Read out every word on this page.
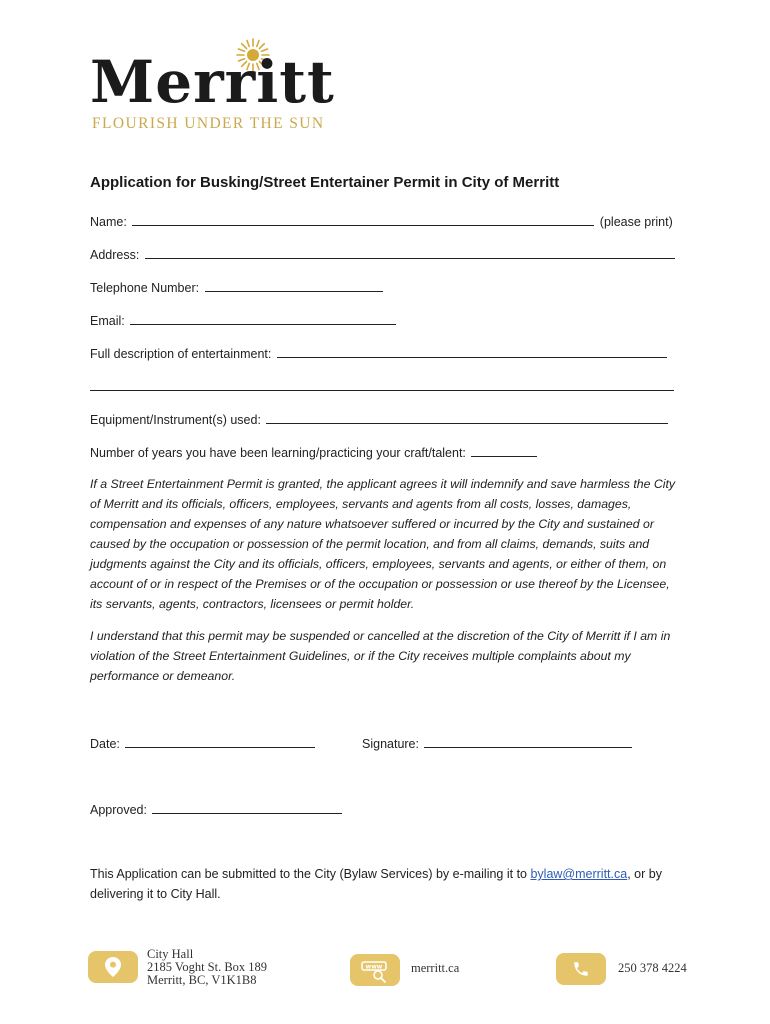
Merritt
FLOURISH UNDER THE SUN
Application for Busking/Street Entertainer Permit in City of Merritt
Name:	(please print)
Address:
Telephone Number:
Email:
Full description of entertainment:
Equipment/Instrument(s) used:
Number of years you have been learning/practicing your craft/talent:
If a Street Entertainment Permit is granted, the applicant agrees it will indemnify and save harmless the City of Merritt and its officials, officers, employees, servants and agents from all costs, losses, damages, compensation and expenses of any nature whatsoever suffered or incurred by the City and sustained or caused by the occupation or possession of the permit location, and from all claims, demands, suits and judgments against the City and its officials, officers, employees, servants and agents, or either of them, on account of or in respect of the Premises or of the occupation or possession or use thereof by the Licensee, its servants, agents, contractors, licensees or permit holder.
I understand that this permit may be suspended or cancelled at the discretion of the City of Merritt if I am in violation of the Street Entertainment Guidelines, or if the City receives multiple complaints about my performance or demeanor.
Date:	Signature:
Approved:
This Application can be submitted to the City (Bylaw Services) by e-mailing it to bylaw@merritt.ca, or by delivering it to City Hall.
City Hall
2185 Voght St. Box 189
Merritt, BC, V1K1B8
www merritt.ca	250 378 4224
